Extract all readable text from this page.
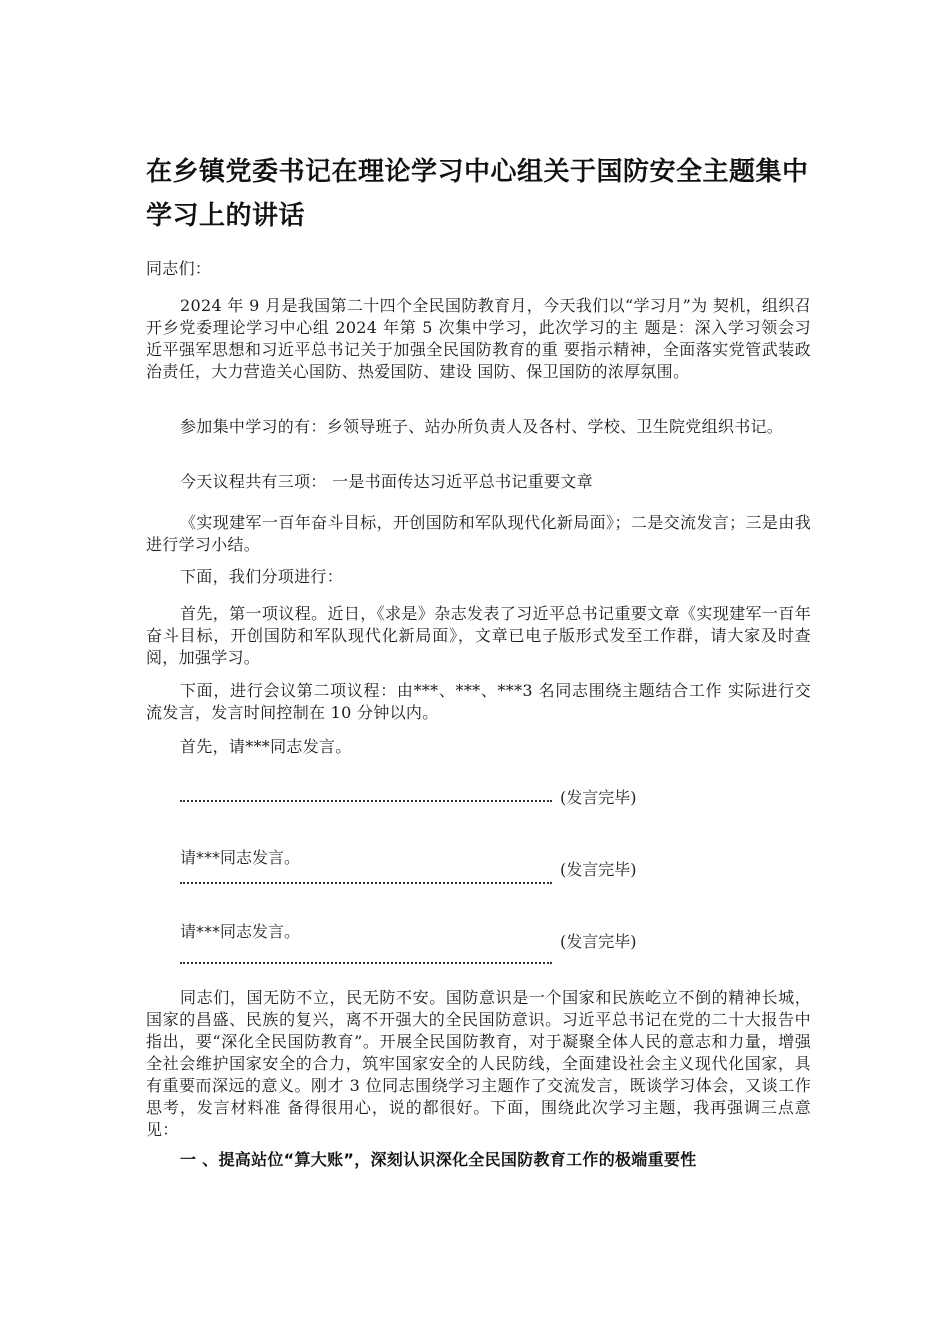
在乡镇党委书记在理论学习中心组关于国防安全主题集中学习上的讲话
同志们：
2024 年 9 月是我国第二十四个全民国防教育月，今天我们以“学习月”为 契机，组织召开乡党委理论学习中心组 2024 年第 5 次集中学习，此次学习的主 题是：深入学习领会习近平强军思想和习近平总书记关于加强全民国防教育的重 要指示精神，全面落实党管武装政治责任，大力营造关心国防、热爱国防、建设 国防、保卫国防的浓厚氛围。
参加集中学习的有：乡领导班子、站办所负责人及各村、学校、卫生院党组织书记。
今天议程共有三项： 一是书面传达习近平总书记重要文章
《实现建军一百年奋斗目标，开创国防和军队现代化新局面》；二是交流发言；三是由我进行学习小结。
下面，我们分项进行：
首先，第一项议程。近日，《求是》杂志发表了习近平总书记重要文章《实现建军一百年奋斗目标，开创国防和军队现代化新局面》，文章已电子版形式发至工作群，请大家及时查阅，加强学习。
下面，进行会议第二项议程：由***、***、***3 名同志围绕主题结合工作 实际进行交流发言，发言时间控制在 10 分钟以内。
首先，请***同志发言。
(发言完毕)
请***同志发言。
(发言完毕)
请***同志发言。
(发言完毕)
同志们，国无防不立，民无防不安。国防意识是一个国家和民族屹立不倒的精神长城，国家的昌盛、民族的复兴，离不开强大的全民国防意识。习近平总书记在党的二十大报告中指出，要“深化全民国防教育”。开展全民国防教育，对于凝聚全体人民的意志和力量，增强全社会维护国家安全的合力，筑牢国家安全的人民防线，全面建设社会主义现代化国家，具有重要而深远的意义。刚才 3 位同志围绕学习主题作了交流发言，既谈学习体会，又谈工作思考，发言材料准 备得很用心，说的都很好。下面，围绕此次学习主题，我再强调三点意见：
一 、提高站位“算大账”，深刻认识深化全民国防教育工作的极端重要性
